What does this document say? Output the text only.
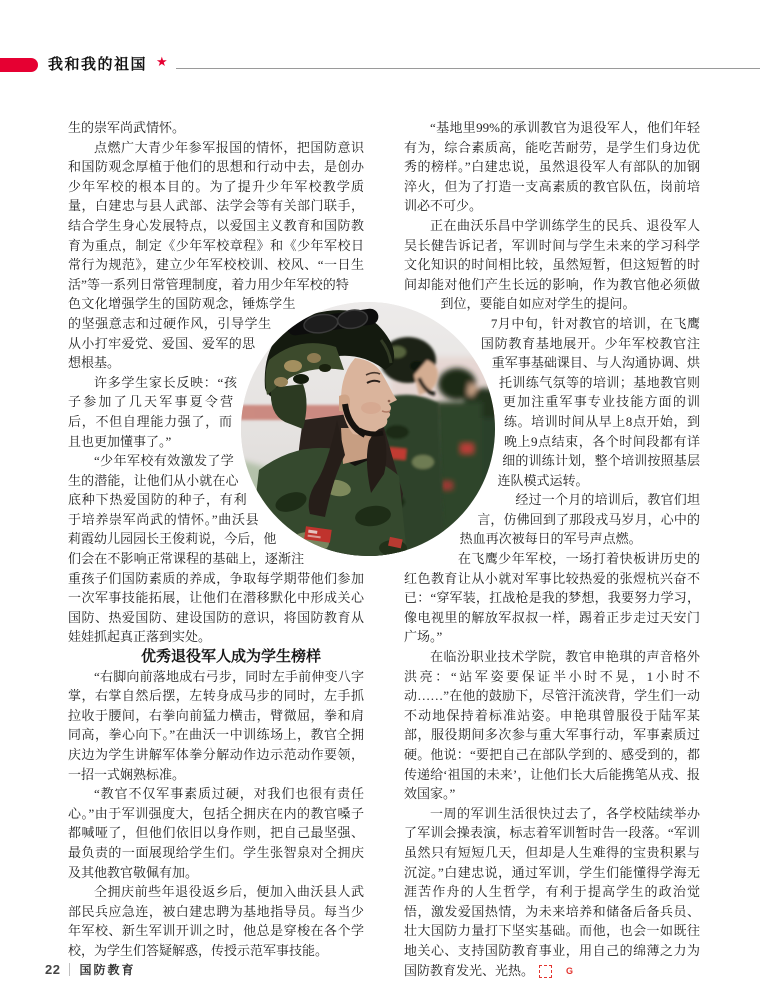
我和我的祖国 ★

生的崇军尚武情怀。

点燃广大青少年参军报国的情怀，把国防意识和国防观念厚植于他们的思想和行动中去，是创办少年军校的根本目的。为了提升少年军校教学质量，白建忠与县人武部、法学会等有关部门联手，结合学生身心发展特点，以爱国主义教育和国防教育为重点，制定《少年军校章程》和《少年军校日常行为规范》，建立少年军校校训、校风、“一日生活”等一系列日常管理制度，着力用少年军校的特色文化增强学生的国防观念，锤炼学生的坚强意志和过硬作风，引导学生从小打牢爱党、爱国、爱军的思想根基。

许多学生家长反映：“孩子参加了几天军事夏令营后，不但自理能力强了，而且也更加懂事了。”

“少年军校有效激发了学生的潜能，让他们从小就在心底种下热爱国防的种子，有利于培养崇军尚武的情怀。”曲沃县莉霞幼儿园园长王俊莉说，今后，他们会在不影响正常课程的基础上，逐渐注重孩子们国防素质的养成，争取每学期带他们参加一次军事技能拓展，让他们在潜移默化中形成关心国防、热爱国防、建设国防的意识，将国防教育从娃娃抓起真正落到实处。

优秀退役军人成为学生榜样

“右脚向前落地成右弓步，同时左手前伸变八字掌，右掌自然后摆，左转身成马步的同时，左手抓拉收于腰间，右拳向前猛力横击，臂微屈，拳和肩同高，拳心向下。”在曲沃一中训练场上，教官仝拥庆边为学生讲解军体拳分解动作边示范动作要领，一招一式娴熟标准。

“教官不仅军事素质过硬，对我们也很有责任心。”由于军训强度大，包括仝拥庆在内的教官嗓子都喊哑了，但他们依旧以身作则，把自己最坚强、最负责的一面展现给学生们。学生张智泉对仝拥庆及其他教官敬佩有加。

仝拥庆前些年退役返乡后，便加入曲沃县人武部民兵应急连，被白建忠聘为基地指导员。每当少年军校、新生军训开训之时，他总是穿梭在各个学校，为学生们答疑解惑，传授示范军事技能。

“基地里99%的承训教官为退役军人，他们年轻有为，综合素质高，能吃苦耐劳，是学生们身边优秀的榜样。”白建忠说，虽然退役军人有部队的加钢淬火，但为了打造一支高素质的教官队伍，岗前培训必不可少。

正在曲沃乐昌中学训练学生的民兵、退役军人吴长健告诉记者，军训时间与学生未来的学习科学文化知识的时间相比较，虽然短暂，但这短暂的时间却能对他们产生长远的影响，作为教官他必须做到位，要能自如应对学生的提问。

7月中旬，针对教官的培训，在飞鹰国防教育基地展开。少年军校教官注重军事基础课目、与人沟通协调、烘托训练气氛等的培训；基地教官则更加注重军事专业技能方面的训练。培训时间从早上8点开始，到晚上9点结束，各个时间段都有详细的训练计划，整个培训按照基层连队模式运转。

经过一个月的培训后，教官们坦言，仿佛回到了那段戎马岁月，心中的热血再次被每日的军号声点燃。

在飞鹰少年军校，一场打着快板讲历史的红色教育让从小就对军事比较热爱的张煜杭兴奋不已：“穿军装，扛战枪是我的梦想，我要努力学习，像电视里的解放军叔叔一样，踢着正步走过天安门广场。”

在临汾职业技术学院，教官申艳琪的声音格外洪亮：“站军姿要保证半小时不晃，1小时不动……”在他的鼓励下，尽管汗流浃背，学生们一动不动地保持着标准站姿。申艳琪曾服役于陆军某部，服役期间多次参与重大军事行动，军事素质过硬。他说：“要把自己在部队学到的、感受到的，都传递给‘祖国的未来’，让他们长大后能携笔从戎、报效国家。”

一周的军训生活很快过去了，各学校陆续举办了军训会操表演，标志着军训暂时告一段落。“军训虽然只有短短几天，但却是人生难得的宝贵积累与沉淀。”白建忠说，通过军训，学生们能懂得学海无涯苦作舟的人生哲学，有利于提高学生的政治觉悟，激发爱国热情，为未来培养和储备后备兵员、壮大国防力量打下坚实基础。而他，也会一如既往地关心、支持国防教育事业，用自己的绵薄之力为国防教育发光、光热。	G

22 国防教育
